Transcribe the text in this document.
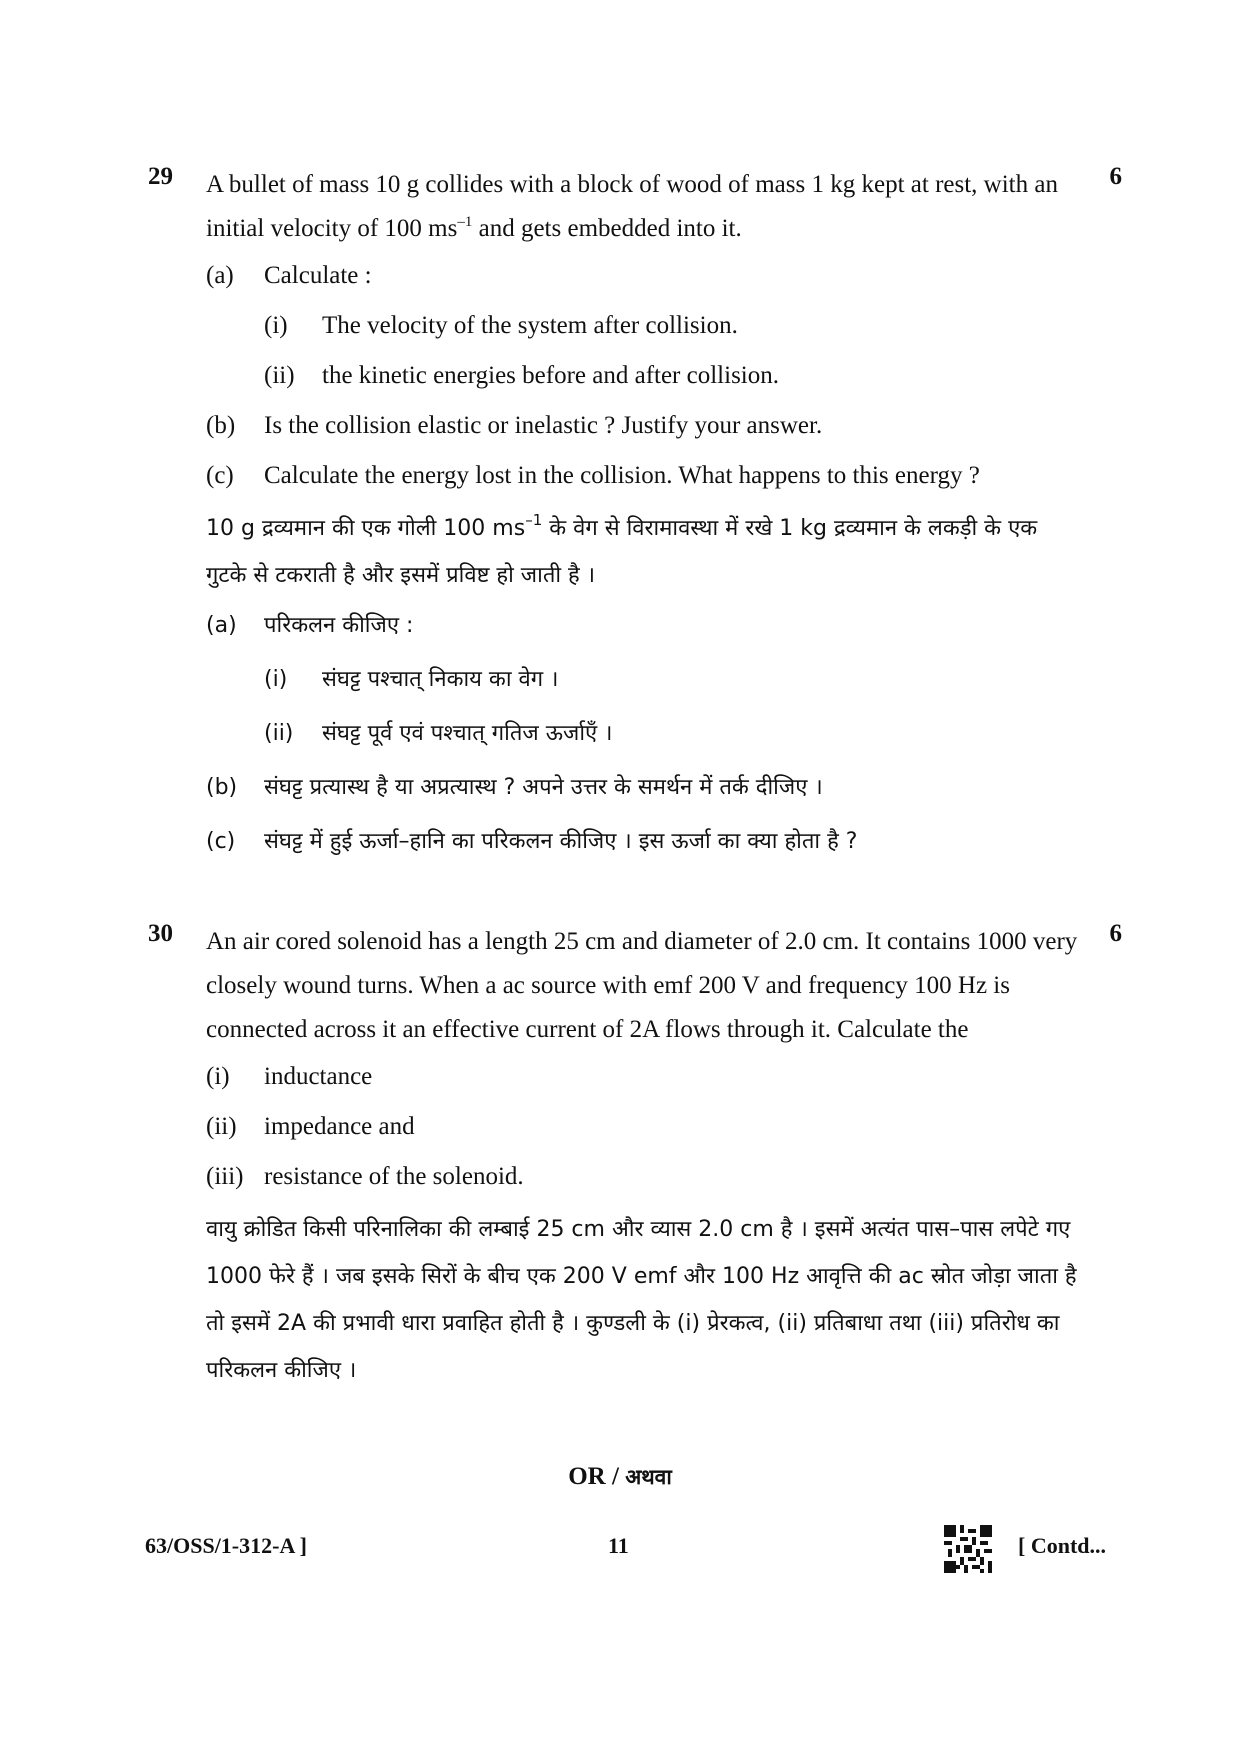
29	6

A bullet of mass 10 g collides with a block of wood of mass 1 kg kept at rest, with an initial velocity of 100 $ms^{-1}$ and gets embedded into it.

(a)	Calculate :
(i)	The velocity of the system after collision.
(ii)	the kinetic energies before and after collision.
(b)	Is the collision elastic or inelastic ? Justify your answer.
(c)	Calculate the energy lost in the collision. What happens to this energy ?

10 g द्रव्यमान की एक गोली 100 $ms^{-1}$ के वेग से विरामावस्था में रखे 1 kg द्रव्यमान के लकड़ी के एक गुटके से टकराती है और इसमें प्रविष्ट हो जाती है ।

(a)	परिकलन कीजिए :
(i)	संघट्ट पश्चात् निकाय का वेग ।
(ii)	संघट्ट पूर्व एवं पश्चात् गतिज ऊर्जाएँ ।
(b)	संघट्ट प्रत्यास्थ है या अप्रत्यास्थ ? अपने उत्तर के समर्थन में तर्क दीजिए ।
(c)	संघट्ट में हुई ऊर्जा–हानि का परिकलन कीजिए । इस ऊर्जा का क्या होता है ?
30	6

An air cored solenoid has a length 25 cm and diameter of 2.0 cm. It contains 1000 very closely wound turns. When a ac source with emf 200 V and frequency 100 Hz is connected across it an effective current of 2A flows through it. Calculate the

(i)	inductance
(ii)	impedance and
(iii) resistance of the solenoid.

वायु क्रोडित किसी परिनालिका की लम्बाई 25 cm और व्यास 2.0 cm है । इसमें अत्यंत पास–पास लपेटे गए 1000 फेरे हैं । जब इसके सिरों के बीच एक 200 V emf और 100 Hz आवृत्ति की ac स्रोत जोड़ा जाता है तो इसमें 2A की प्रभावी धारा प्रवाहित होती है । कुण्डली के (i) प्रेरकत्व, (ii) प्रतिबाधा तथा (iii) प्रतिरोध का परिकलन कीजिए ।

OR / अथवा
63/OSS/1-312-A ]	11	[ Contd...
